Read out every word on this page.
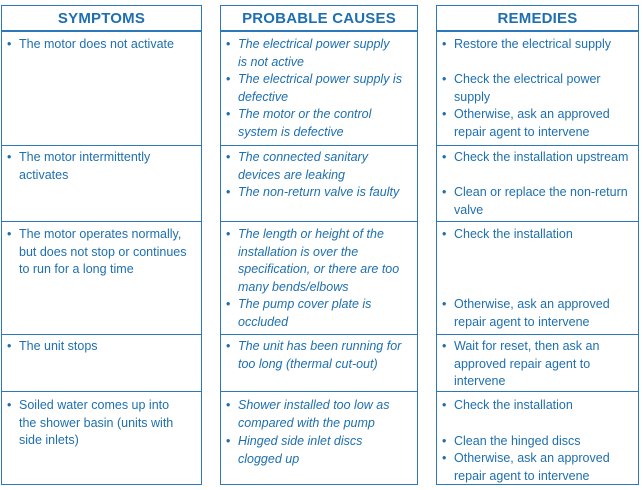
SYMPTOMS
• The motor does not activate
• The motor intermittently activates
• The motor operates normally, but does not stop or continues to run for a long time
• The unit stops
• Soiled water comes up into the shower basin (units with side inlets)
PROBABLE CAUSES
• The electrical power supply is not active
• The electrical power supply is defective
• The motor or the control system is defective
• The connected sanitary devices are leaking
• The non-return valve is faulty
• The length or height of the installation is over the specification, or there are too many bends/elbows
• The pump cover plate is occluded
• The unit has been running for too long (thermal cut-out)
• Shower installed too low as compared with the pump
• Hinged side inlet discs clogged up
REMEDIES
• Restore the electrical supply
• Check the electrical power supply
• Otherwise, ask an approved repair agent to intervene
• Check the installation upstream
• Clean or replace the non-return valve
• Check the installation
• Otherwise, ask an approved repair agent to intervene
• Wait for reset, then ask an approved repair agent to intervene
• Check the installation
• Clean the hinged discs
• Otherwise, ask an approved repair agent to intervene
